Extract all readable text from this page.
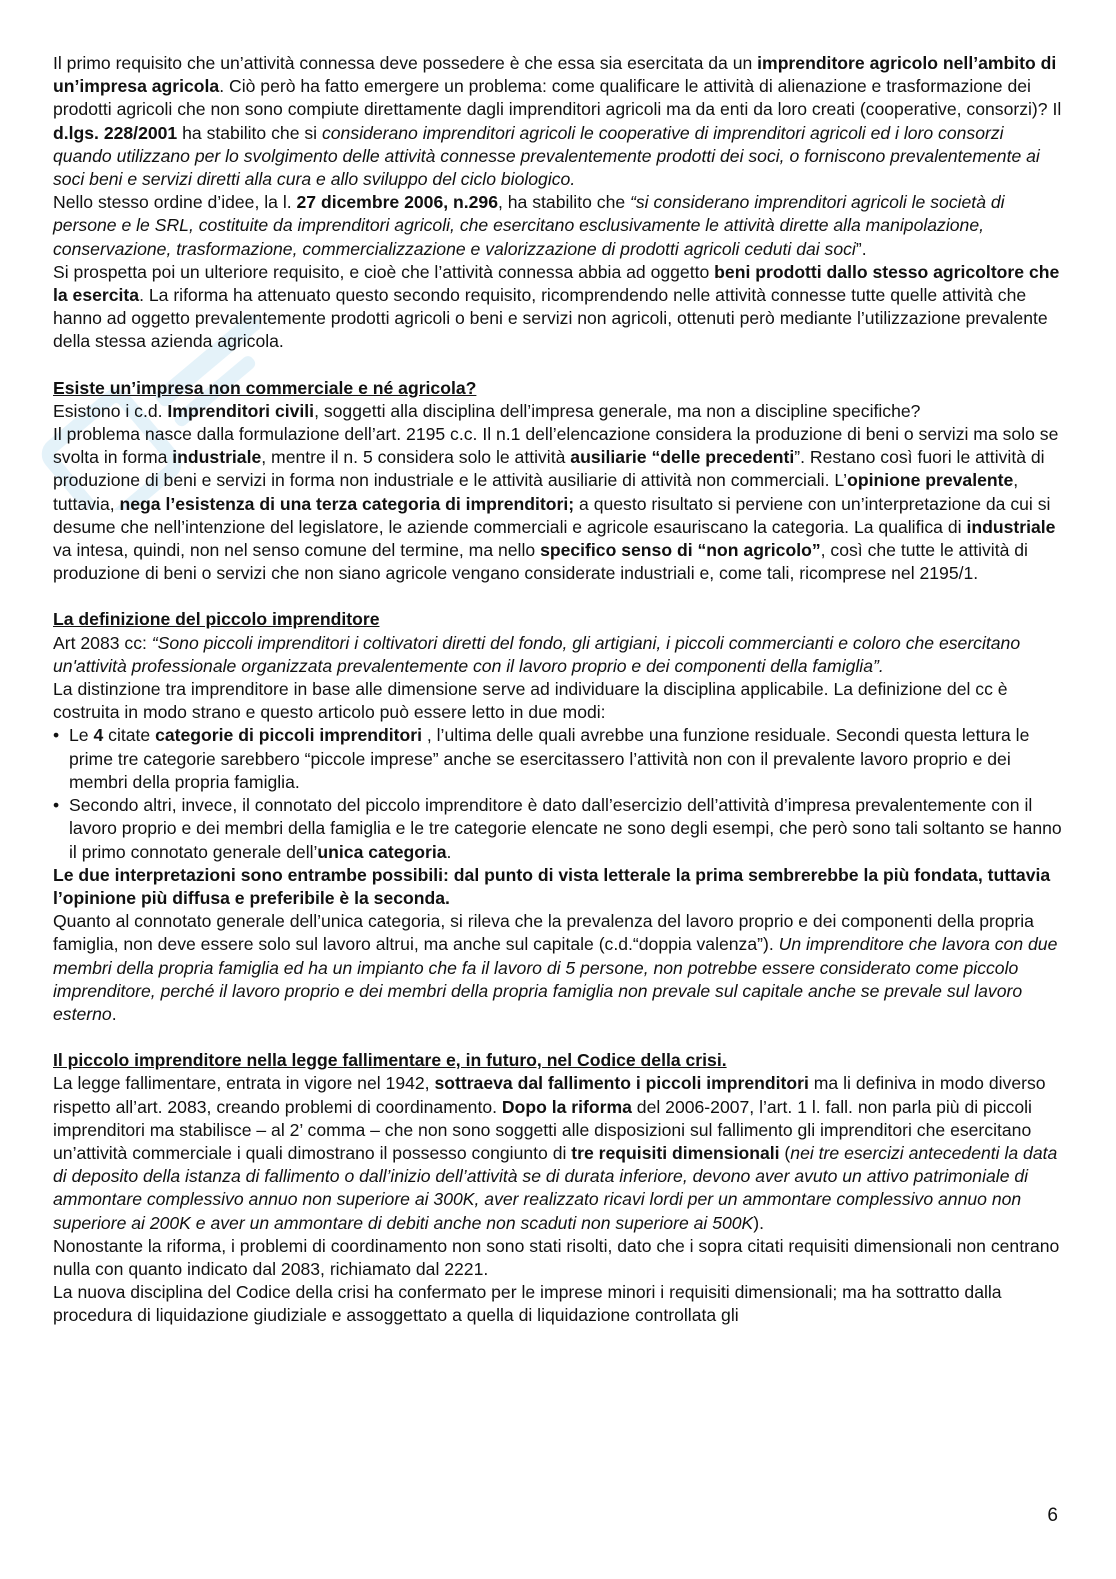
Il primo requisito che un’attività connessa deve possedere è che essa sia esercitata da un imprenditore agricolo nell’ambito di un’impresa agricola. Ciò però ha fatto emergere un problema: come qualificare le attività di alienazione e trasformazione dei prodotti agricoli che non sono compiute direttamente dagli imprenditori agricoli ma da enti da loro creati (cooperative, consorzi)? Il d.lgs. 228/2001 ha stabilito che si considerano imprenditori agricoli le cooperative di imprenditori agricoli ed i loro consorzi quando utilizzano per lo svolgimento delle attività connesse prevalentemente prodotti dei soci, o forniscono prevalentemente ai soci beni e servizi diretti alla cura e allo sviluppo del ciclo biologico.

Nello stesso ordine d’idee, la l. 27 dicembre 2006, n.296, ha stabilito che “si considerano imprenditori agricoli le società di persone e le SRL, costituite da imprenditori agricoli, che esercitano esclusivamente le attività dirette alla manipolazione, conservazione, trasformazione, commercializzazione e valorizzazione di prodotti agricoli ceduti dai soci”.

Si prospetta poi un ulteriore requisito, e cioè che l’attività connessa abbia ad oggetto beni prodotti dallo stesso agricoltore che la esercita. La riforma ha attenuato questo secondo requisito, ricomprendendo nelle attività connesse tutte quelle attività che hanno ad oggetto prevalentemente prodotti agricoli o beni e servizi non agricoli, ottenuti però mediante l’utilizzazione prevalente della stessa azienda agricola.

Esiste un’impresa non commerciale e né agricola?

Esistono i c.d. Imprenditori civili, soggetti alla disciplina dell’impresa generale, ma non a discipline specifiche?

Il problema nasce dalla formulazione dell’art. 2195 c.c. Il n.1 dell’elencazione considera la produzione di beni o servizi ma solo se svolta in forma industriale, mentre il n. 5 considera solo le attività ausiliarie “delle precedenti”. Restano così fuori le attività di produzione di beni e servizi in forma non industriale e le attività ausiliarie di attività non commerciali. L’opinione prevalente, tuttavia, nega l’esistenza di una terza categoria di imprenditori; a questo risultato si perviene con un’interpretazione da cui si desume che nell’intenzione del legislatore, le aziende commerciali e agricole esauriscano la categoria. La qualifica di industriale va intesa, quindi, non nel senso comune del termine, ma nello specifico senso di “non agricolo”, così che tutte le attività di produzione di beni o servizi che non siano agricole vengano considerate industriali e, come tali, ricomprese nel 2195/1.

La definizione del piccolo imprenditore

Art 2083 cc: “Sono piccoli imprenditori i coltivatori diretti del fondo, gli artigiani, i piccoli commercianti e coloro che esercitano un'attività professionale organizzata prevalentemente con il lavoro proprio e dei componenti della famiglia”.

La distinzione tra imprenditore in base alle dimensione serve ad individuare la disciplina applicabile. La definizione del cc è costruita in modo strano e questo articolo può essere letto in due modi:

• Le 4 citate categorie di piccoli imprenditori , l’ultima delle quali avrebbe una funzione residuale. Secondi questa lettura le prime tre categorie sarebbero “piccole imprese” anche se esercitassero l’attività non con il prevalente lavoro proprio e dei membri della propria famiglia.
• Secondo altri, invece, il connotato del piccolo imprenditore è dato dall’esercizio dell’attività d’impresa prevalentemente con il lavoro proprio e dei membri della famiglia e le tre categorie elencate ne sono degli esempi, che però sono tali soltanto se hanno il primo connotato generale dell’unica categoria.

Le due interpretazioni sono entrambe possibili: dal punto di vista letterale la prima sembrerebbe la più fondata, tuttavia l’opinione più diffusa e preferibile è la seconda.

Quanto al connotato generale dell’unica categoria, si rileva che la prevalenza del lavoro proprio e dei componenti della propria famiglia, non deve essere solo sul lavoro altrui, ma anche sul capitale (c.d.“doppia valenza”). Un imprenditore che lavora con due membri della propria famiglia ed ha un impianto che fa il lavoro di 5 persone, non potrebbe essere considerato come piccolo imprenditore, perché il lavoro proprio e dei membri della propria famiglia non prevale sul capitale anche se prevale sul lavoro esterno.

Il piccolo imprenditore nella legge fallimentare e, in futuro, nel Codice della crisi.

La legge fallimentare, entrata in vigore nel 1942, sottraeva dal fallimento i piccoli imprenditori ma li definiva in modo diverso rispetto all’art. 2083, creando problemi di coordinamento. Dopo la riforma del 2006-2007, l’art. 1 l. fall. non parla più di piccoli imprenditori ma stabilisce – al 2’ comma – che non sono soggetti alle disposizioni sul fallimento gli imprenditori che esercitano un’attività commerciale i quali dimostrano il possesso congiunto di tre requisiti dimensionali (nei tre esercizi antecedenti la data di deposito della istanza di fallimento o dall’inizio dell’attività se di durata inferiore, devono aver avuto un attivo patrimoniale di ammontare complessivo annuo non superiore ai 300K, aver realizzato ricavi lordi per un ammontare complessivo annuo non superiore ai 200K e aver un ammontare di debiti anche non scaduti non superiore ai 500K).

Nonostante la riforma, i problemi di coordinamento non sono stati risolti, dato che i sopra citati requisiti dimensionali non centrano nulla con quanto indicato dal 2083, richiamato dal 2221.

La nuova disciplina del Codice della crisi ha confermato per le imprese minori i requisiti dimensionali; ma ha sottratto dalla procedura di liquidazione giudiziale e assoggettato a quella di liquidazione controllata gli

6
